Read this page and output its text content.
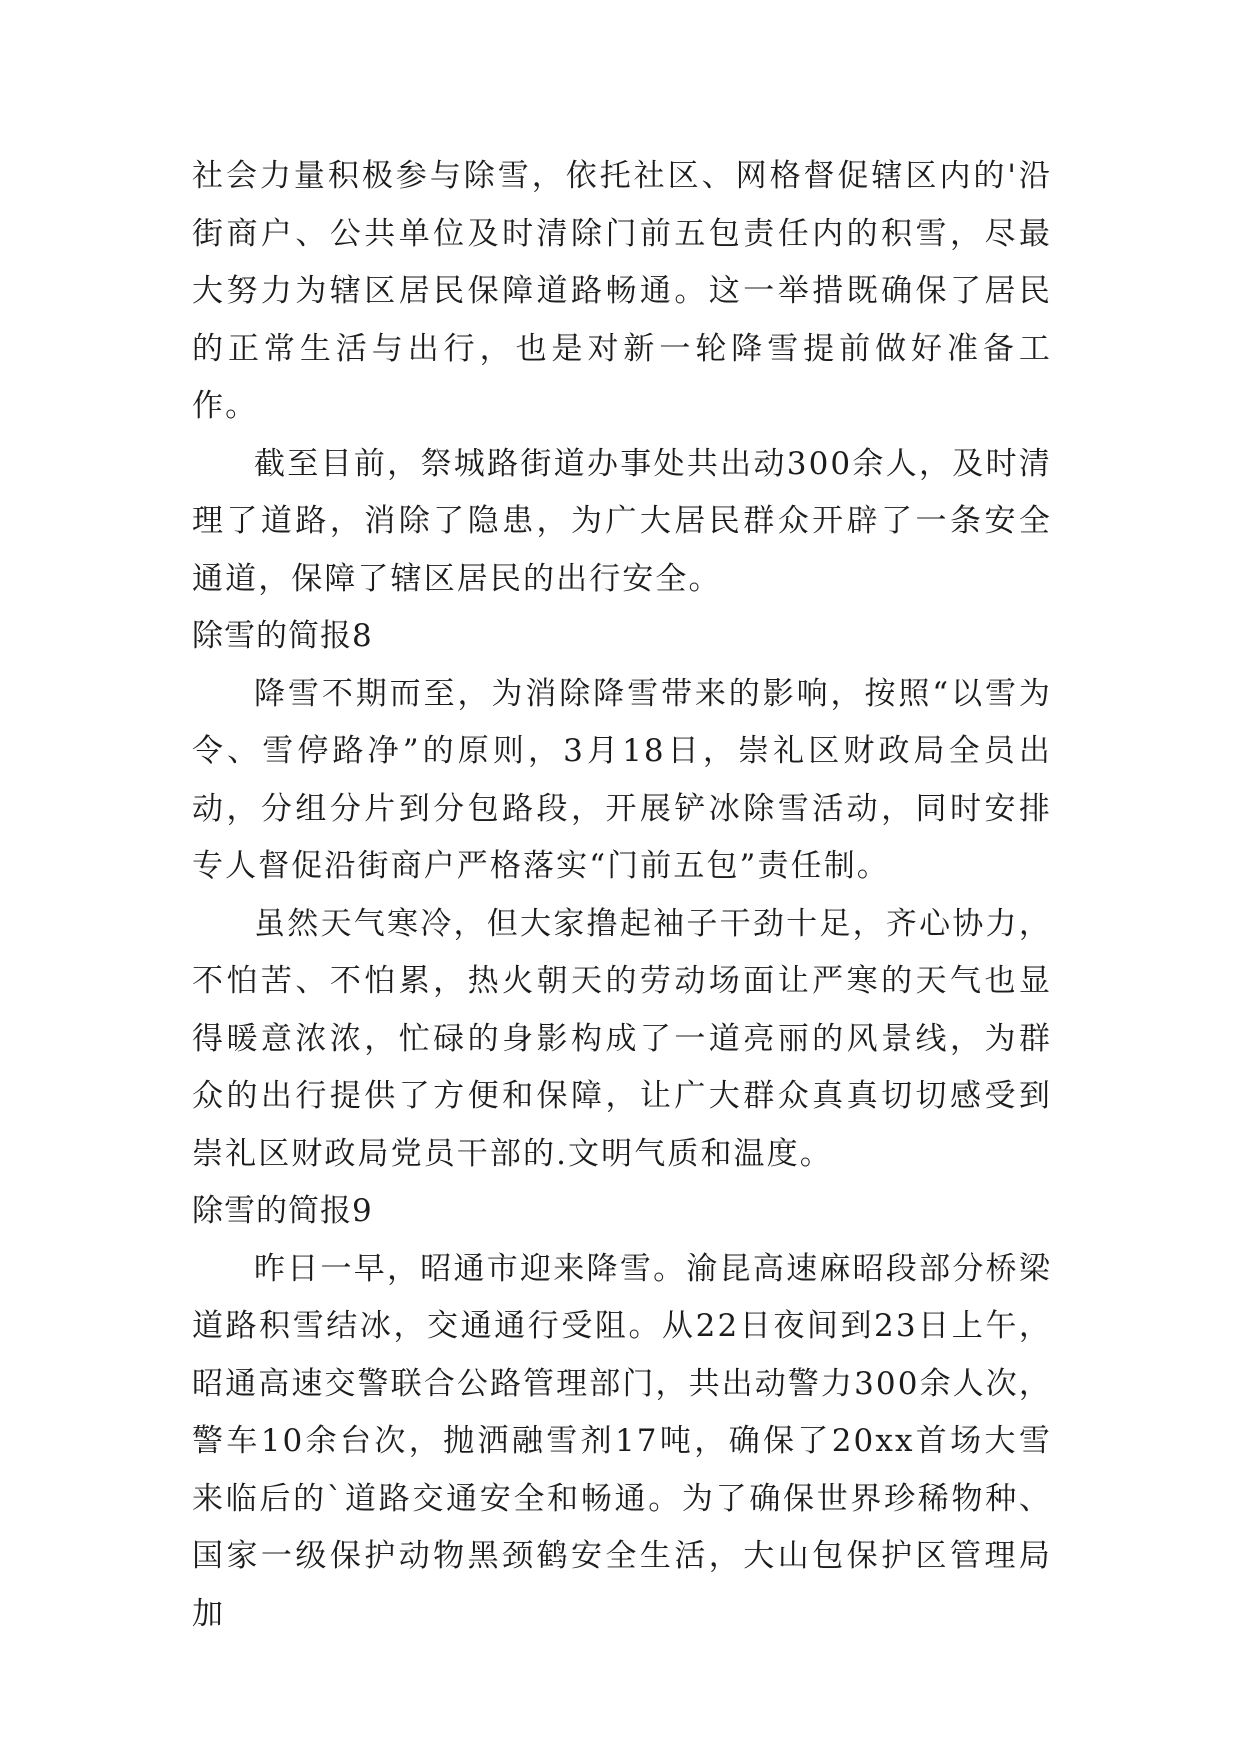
社会力量积极参与除雪，依托社区、网格督促辖区内的'沿街商户、公共单位及时清除门前五包责任内的积雪，尽最大努力为辖区居民保障道路畅通。这一举措既确保了居民的正常生活与出行，也是对新一轮降雪提前做好准备工作。

截至目前，祭城路街道办事处共出动300余人，及时清理了道路，消除了隐患，为广大居民群众开辟了一条安全通道，保障了辖区居民的出行安全。

除雪的简报8

降雪不期而至，为消除降雪带来的影响，按照“以雪为令、雪停路净”的原则，3月18日，崇礼区财政局全员出动，分组分片到分包路段，开展铲冰除雪活动，同时安排专人督促沿街商户严格落实“门前五包”责任制。

虽然天气寒冷，但大家撸起袖子干劲十足，齐心协力，不怕苦、不怕累，热火朝天的劳动场面让严寒的天气也显得暖意浓浓，忙碌的身影构成了一道亮丽的风景线，为群众的出行提供了方便和保障，让广大群众真真切切感受到崇礼区财政局党员干部的.文明气质和温度。

除雪的简报9

昨日一早，昭通市迎来降雪。渝昆高速麻昭段部分桥梁道路积雪结冰，交通通行受阻。从22日夜间到23日上午，昭通高速交警联合公路管理部门，共出动警力300余人次，警车10余台次，抛洒融雪剂17吨，确保了20xx首场大雪来临后的`道路交通安全和畅通。为了确保世界珍稀物种、国家一级保护动物黑颈鹤安全生活，大山包保护区管理局加
